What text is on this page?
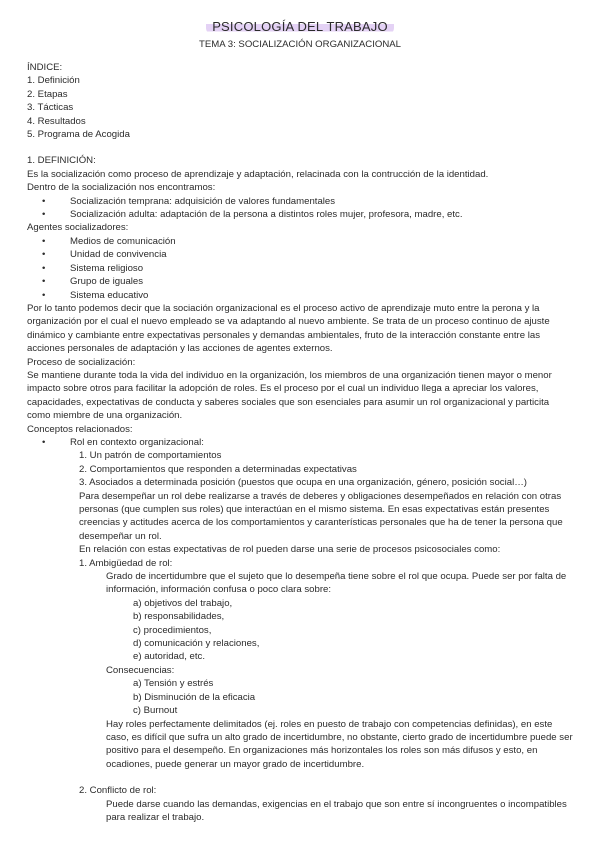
PSICOLOGÍA DEL TRABAJO
TEMA 3: SOCIALIZACIÓN ORGANIZACIONAL
ÍNDICE:
1. Definición
2. Etapas
3. Tácticas
4. Resultados
5. Programa de Acogida
1. DEFINICIÓN:
Es la socialización como proceso de aprendizaje y adaptación, relacinada con la contrucción de la identidad.
Dentro de la socialización nos encontramos:
•	Socialización temprana: adquisición de valores fundamentales
•	Socialización adulta: adaptación de la persona a distintos roles mujer, profesora, madre, etc.
Agentes socializadores:
•	Medios de comunicación
•	Unidad de convivencia
•	Sistema religioso
•	Grupo de iguales
•	Sistema educativo
Por lo tanto podemos decir que la sociación organizacional es el proceso activo de aprendizaje muto entre la perona y la organización por el cual el nuevo empleado se va adaptando al nuevo ambiente. Se trata de un proceso continuo de ajuste dinámico y cambiante entre expectativas personales y demandas ambientales, fruto de la interacción constante entre las acciones personales de adaptación y las acciones de agentes externos.
Proceso de socialización:
Se mantiene durante toda la vida del individuo en la organización, los miembros de una organización tienen mayor o menor impacto sobre otros para facilitar la adopción de roles. Es el proceso por el cual un individuo llega a apreciar los valores, capacidades, expectativas de conducta y saberes sociales que son esenciales para asumir un rol organizacional y particita como miembre de una organización.
Conceptos relacionados:
•	Rol en contexto organizacional:
1. Un patrón de comportamientos
2. Comportamientos que responden a determinadas expectativas
3. Asociados a determinada posición (puestos que ocupa en una organización, género, posición social…)
Para desempeñar un rol debe realizarse a través de deberes y obligaciones desempeñados en relación con otras personas (que cumplen sus roles) que interactúan en el mismo sistema. En esas expectativas están presentes creencias y actitudes acerca de los comportamientos y caranterísticas personales que ha de tener la persona que desempeñar un rol.
En relación con estas expectativas de rol pueden darse una serie de procesos psicosociales como:
1. Ambigüedad de rol:
Grado de incertidumbre que el sujeto que lo desempeña tiene sobre el rol que ocupa. Puede ser por falta de información, información confusa o poco clara sobre:
a) objetivos del trabajo,
b) responsabilidades,
c) procedimientos,
d) comunicación y relaciones,
e) autoridad, etc.
Consecuencias:
a) Tensión y estrés
b) Disminución de la eficacia
c) Burnout
Hay roles perfectamente delimitados (ej. roles en puesto de trabajo con competencias definidas), en este caso, es difícil que sufra un alto grado de incertidumbre, no obstante, cierto grado de incertidumbre puede ser positivo para el desempeño. En organizaciones más horizontales los roles son más difusos y esto, en ocadiones, puede generar un mayor grado de incertidumbre.
2. Conflicto de rol:
Puede darse cuando las demandas, exigencias en el trabajo que son entre sí incongruentes o incompatibles para realizar el trabajo.
